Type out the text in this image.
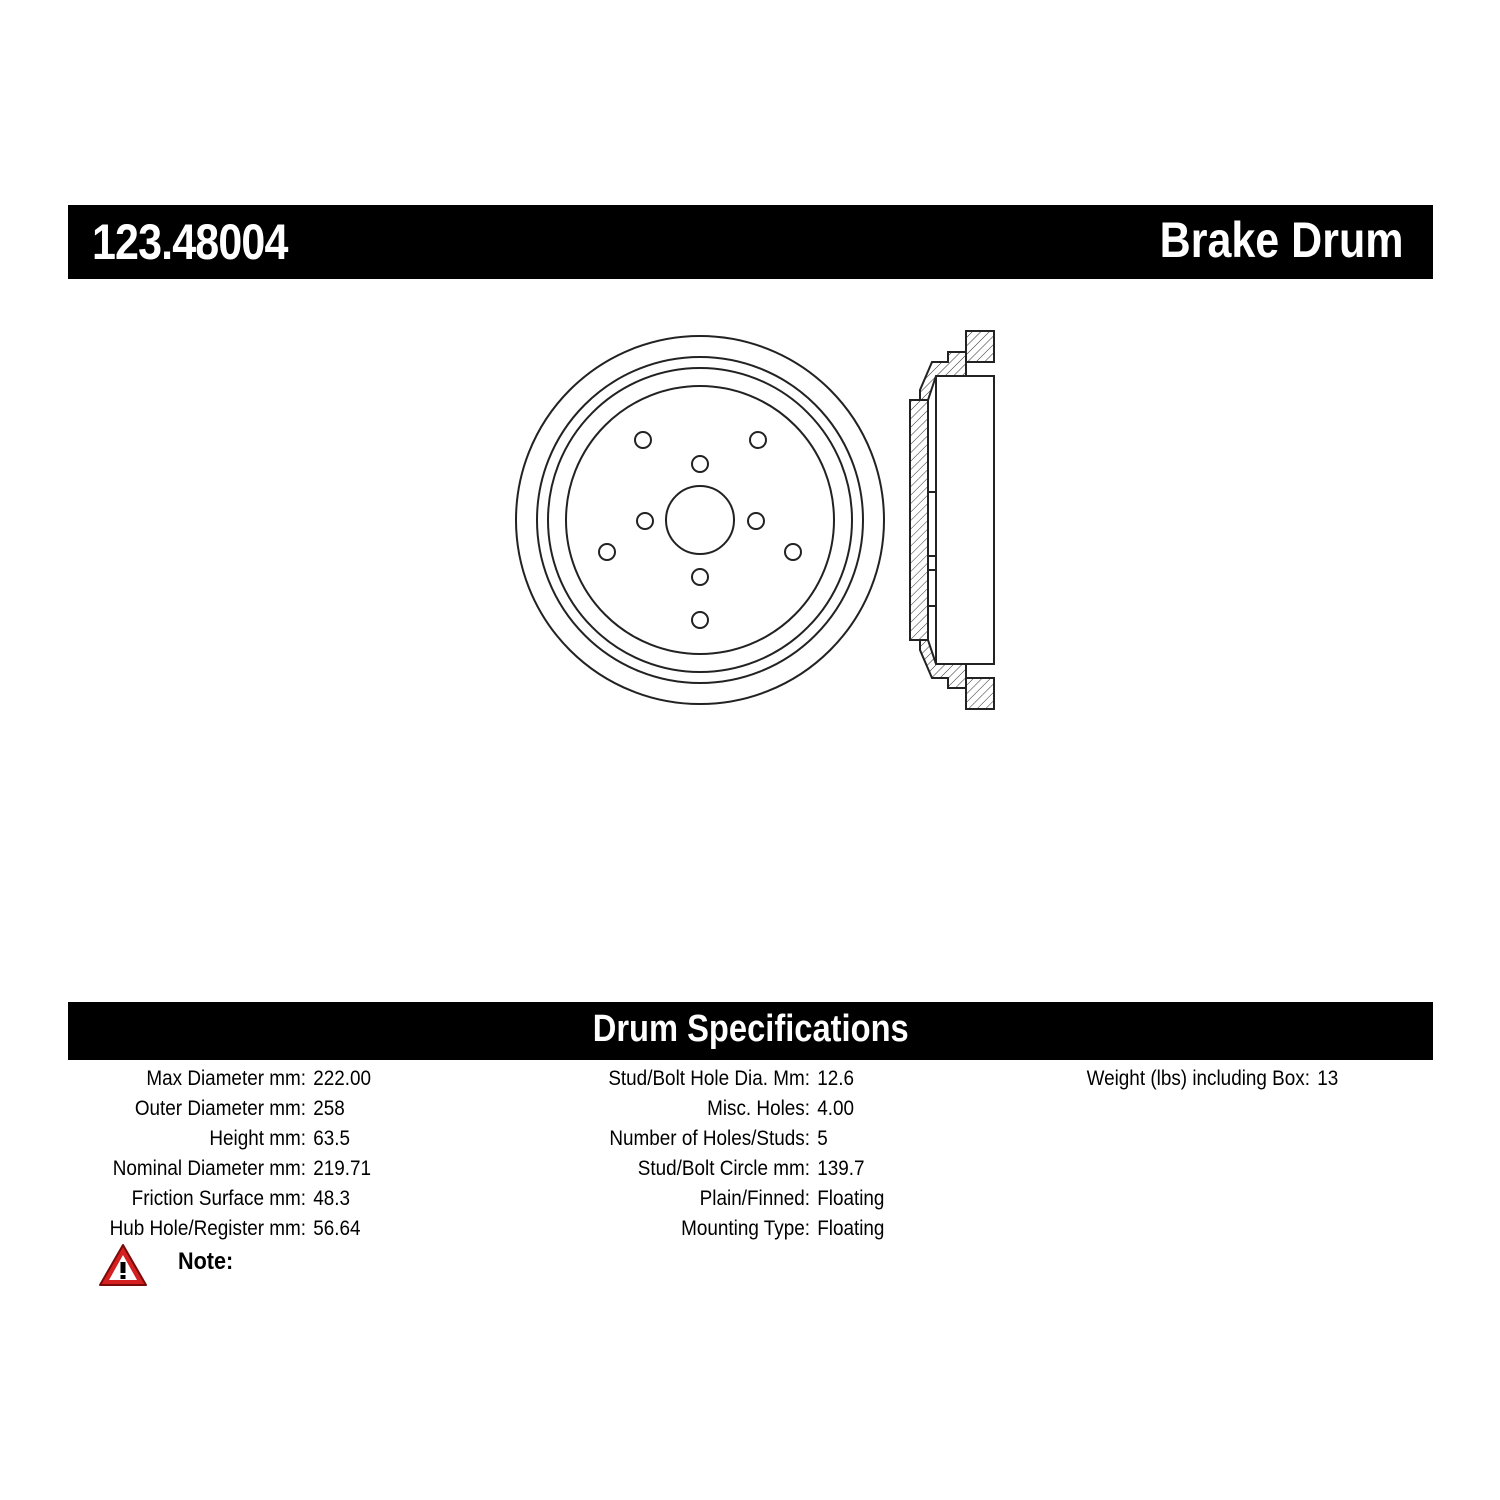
123.48004	Brake Drum
Drum Specifications
Max Diameter mm: 222.00
Outer Diameter mm: 258
Height mm: 63.5
Nominal Diameter mm: 219.71
Friction Surface mm: 48.3
Hub Hole/Register mm: 56.64
Stud/Bolt Hole Dia. Mm: 12.6
Misc. Holes: 4.00
Number of Holes/Studs: 5
Stud/Bolt Circle mm: 139.7
Plain/Finned: Floating
Mounting Type: Floating
Weight (lbs) including Box: 13
Note:
